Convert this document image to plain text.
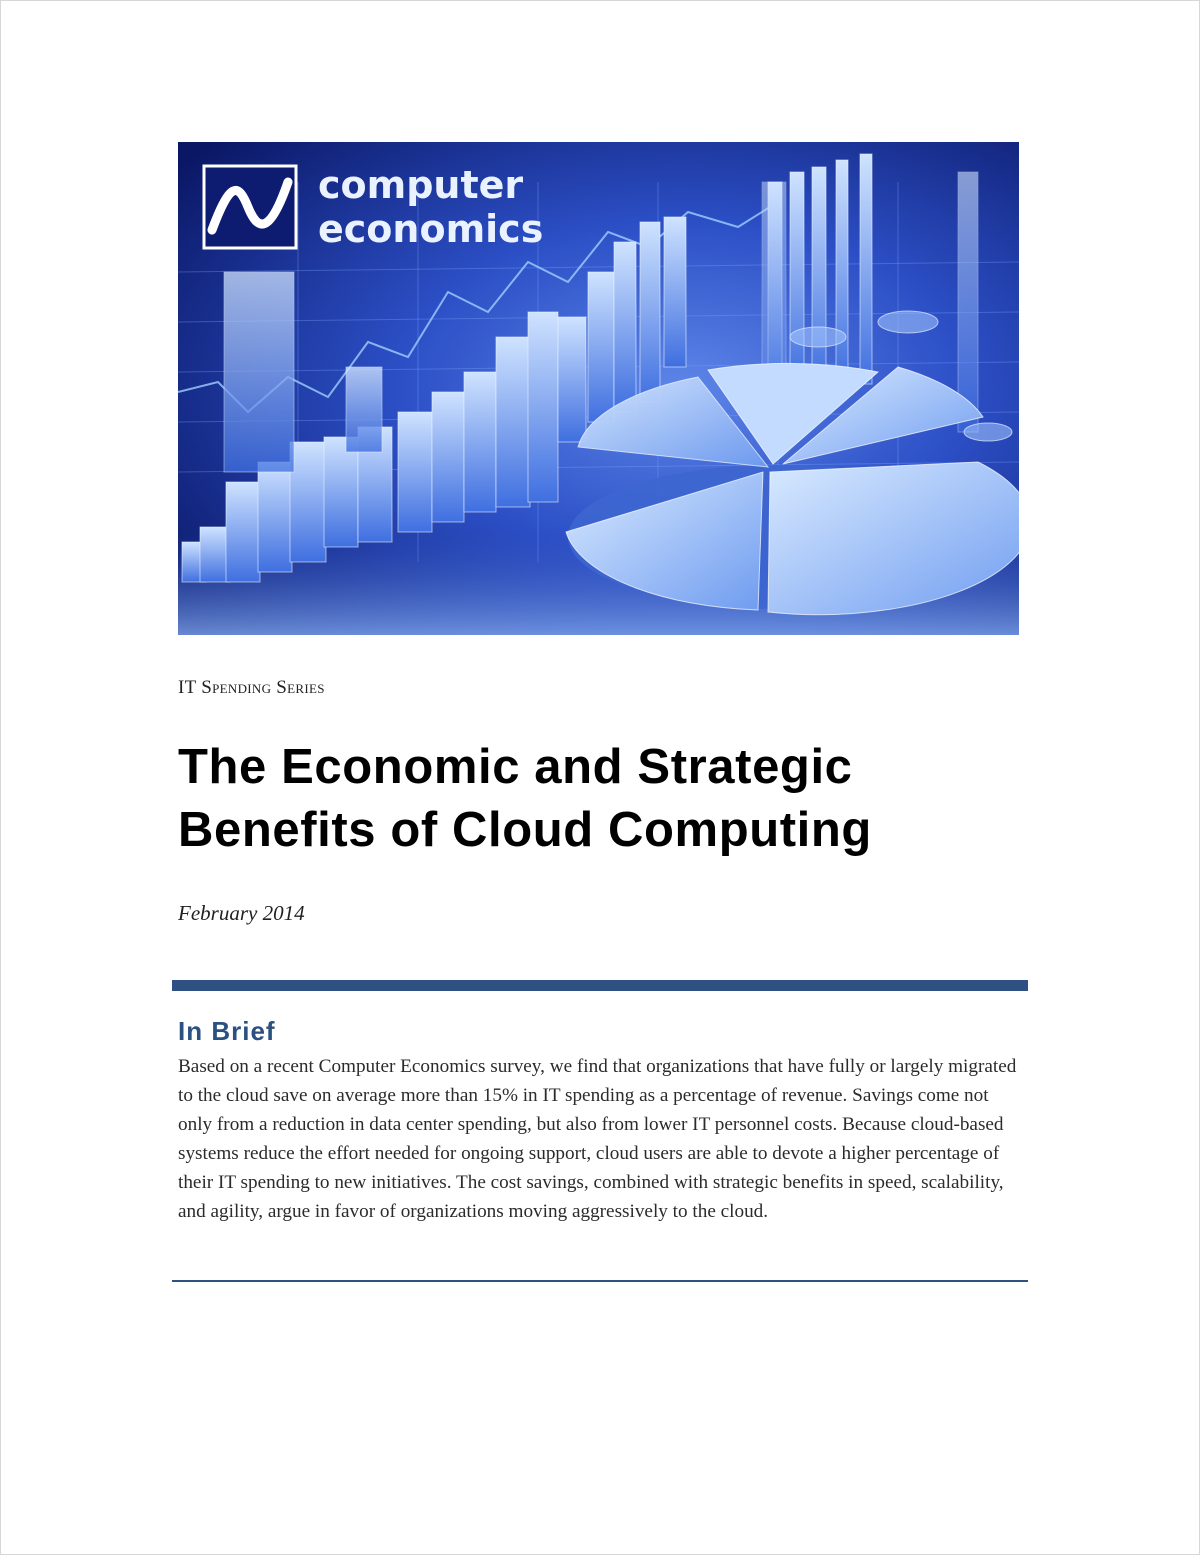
computer
economics
IT Spending Series
The Economic and Strategic
Benefits of Cloud Computing
February 2014
In Brief

Based on a recent Computer Economics survey, we find that organizations that have fully or largely migrated to the cloud save on average more than 15% in IT spending as a percentage of revenue. Savings come not only from a reduction in data center spending, but also from lower IT personnel costs. Because cloud-based systems reduce the effort needed for ongoing support, cloud users are able to devote a higher percentage of their IT spending to new initiatives. The cost savings, combined with strategic benefits in speed, scalability, and agility, argue in favor of organizations moving aggressively to the cloud.
